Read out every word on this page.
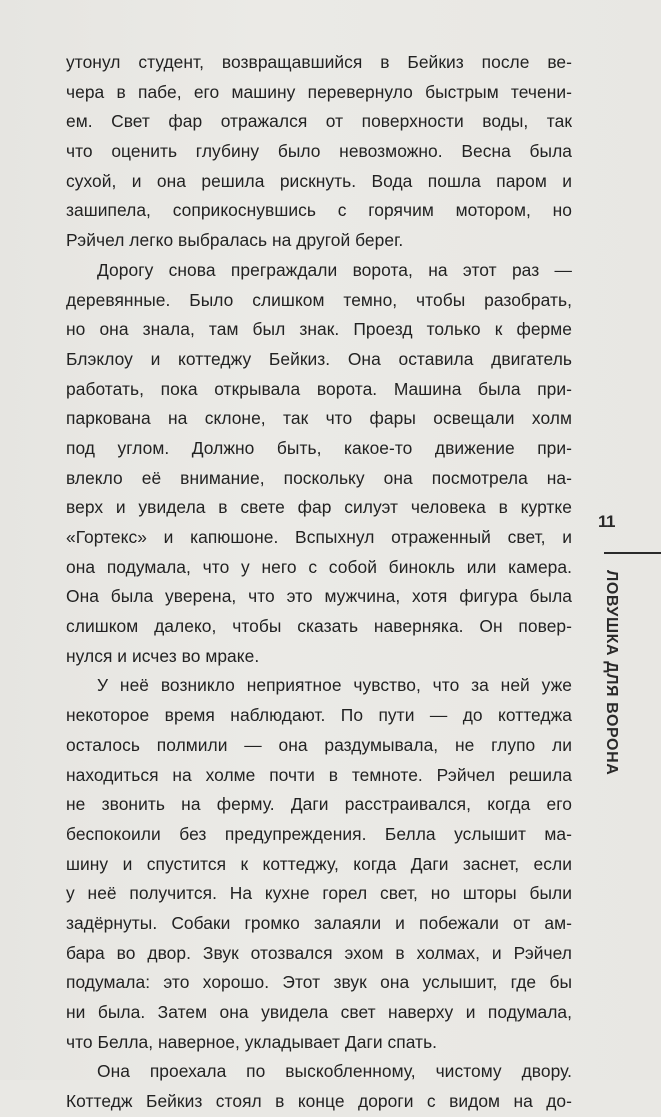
утонул студент, возвращавшийся в Бейкиз после ве-
чера в пабе, его машину перевернуло быстрым течени-
ем. Свет фар отражался от поверхности воды, так
что оценить глубину было невозможно. Весна была
сухой, и она решила рискнуть. Вода пошла паром и
зашипела, соприкоснувшись с горячим мотором, но
Рэйчел легко выбралась на другой берег.
Дорогу снова преграждали ворота, на этот раз —
деревянные. Было слишком темно, чтобы разобрать,
но она знала, там был знак. Проезд только к ферме
Блэклоу и коттеджу Бейкиз. Она оставила двигатель
работать, пока открывала ворота. Машина была при-
паркована на склоне, так что фары освещали холм
под углом. Должно быть, какое-то движение при-
влекло её внимание, поскольку она посмотрела на-
верх и увидела в свете фар силуэт человека в куртке
«Гортекс» и капюшоне. Вспыхнул отраженный свет, и
она подумала, что у него с собой бинокль или камера.
Она была уверена, что это мужчина, хотя фигура была
слишком далеко, чтобы сказать наверняка. Он повер-
нулся и исчез во мраке.
У неё возникло неприятное чувство, что за ней уже
некоторое время наблюдают. По пути — до коттеджа
осталось полмили — она раздумывала, не глупо ли
находиться на холме почти в темноте. Рэйчел решила
не звонить на ферму. Даги расстраивался, когда его
беспокоили без предупреждения. Белла услышит ма-
шину и спустится к коттеджу, когда Даги заснет, если
у неё получится. На кухне горел свет, но шторы были
задёрнуты. Собаки громко залаяли и побежали от ам-
бара во двор. Звук отозвался эхом в холмах, и Рэйчел
подумала: это хорошо. Этот звук она услышит, где бы
ни была. Затем она увидела свет наверху и подумала,
что Белла, наверное, укладывает Даги спать.
Она проехала по выскобленному, чистому двору.
Коттедж Бейкиз стоял в конце дороги с видом на до-
11
ЛОВУШКА ДЛЯ ВОРОНА
